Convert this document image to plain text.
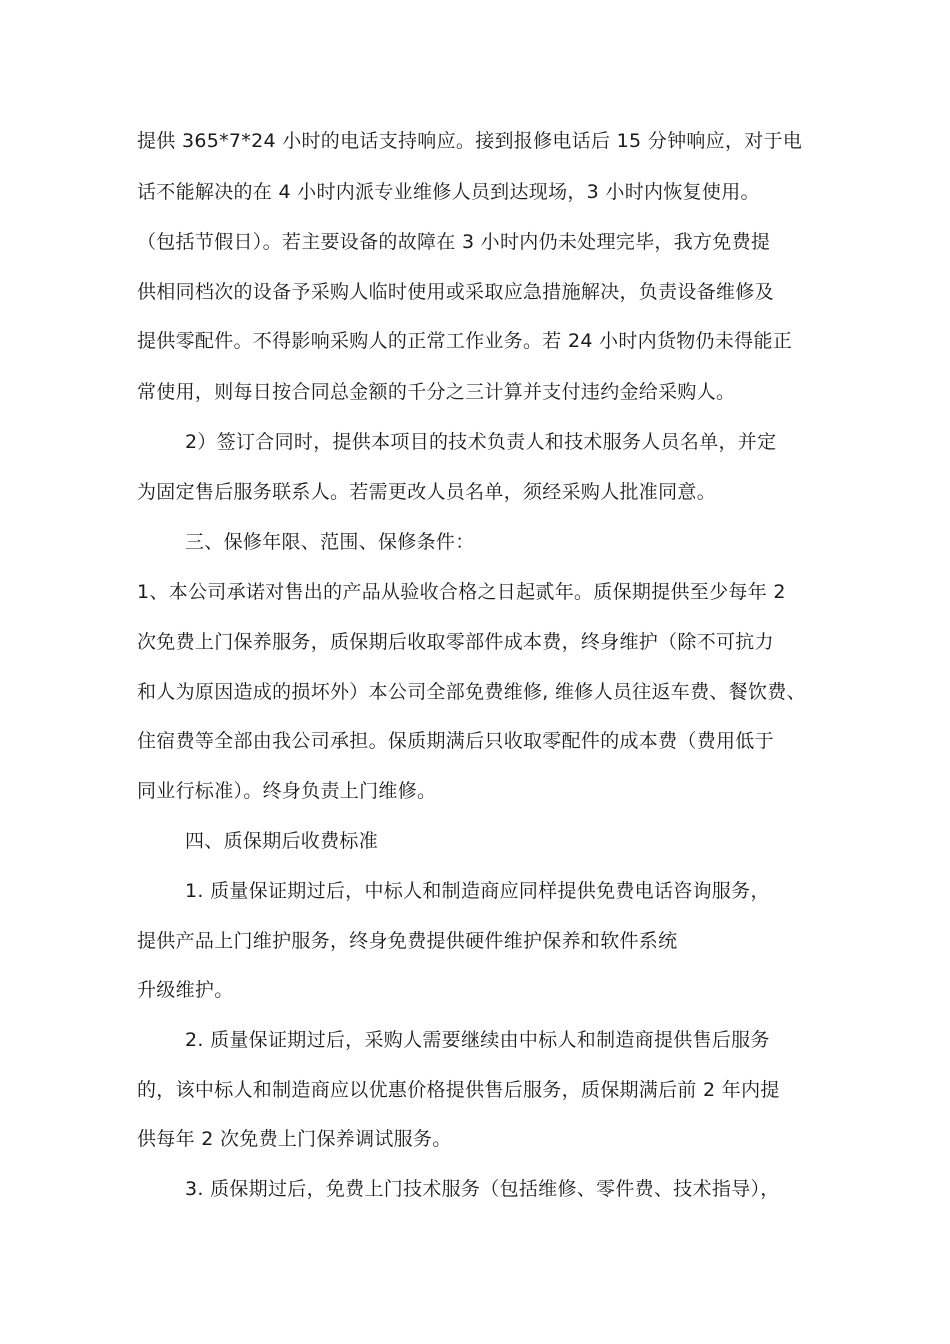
提供 365*7*24 小时的电话支持响应。接到报修电话后 15 分钟响应，对于电
话不能解决的在 4 小时内派专业维修人员到达现场，3 小时内恢复使用。
（包括节假日）。若主要设备的故障在 3 小时内仍未处理完毕，我方免费提
供相同档次的设备予采购人临时使用或采取应急措施解决，负责设备维修及
提供零配件。不得影响采购人的正常工作业务。若 24 小时内货物仍未得能正
常使用，则每日按合同总金额的千分之三计算并支付违约金给采购人。
2）签订合同时，提供本项目的技术负责人和技术服务人员名单，并定
为固定售后服务联系人。若需更改人员名单，须经采购人批准同意。
三、保修年限、范围、保修条件：
1、本公司承诺对售出的产品从验收合格之日起贰年。质保期提供至少每年 2
次免费上门保养服务，质保期后收取零部件成本费，终身维护（除不可抗力
和人为原因造成的损坏外）本公司全部免费维修, 维修人员往返车费、餐饮费、
住宿费等全部由我公司承担。保质期满后只收取零配件的成本费（费用低于
同业行标准）。终身负责上门维修。
四、质保期后收费标准
1. 质量保证期过后，中标人和制造商应同样提供免费电话咨询服务，
提供产品上门维护服务，终身免费提供硬件维护保养和软件系统
升级维护。
2. 质量保证期过后，采购人需要继续由中标人和制造商提供售后服务
的，该中标人和制造商应以优惠价格提供售后服务，质保期满后前 2 年内提
供每年 2 次免费上门保养调试服务。
3. 质保期过后，免费上门技术服务（包括维修、零件费、技术指导），
